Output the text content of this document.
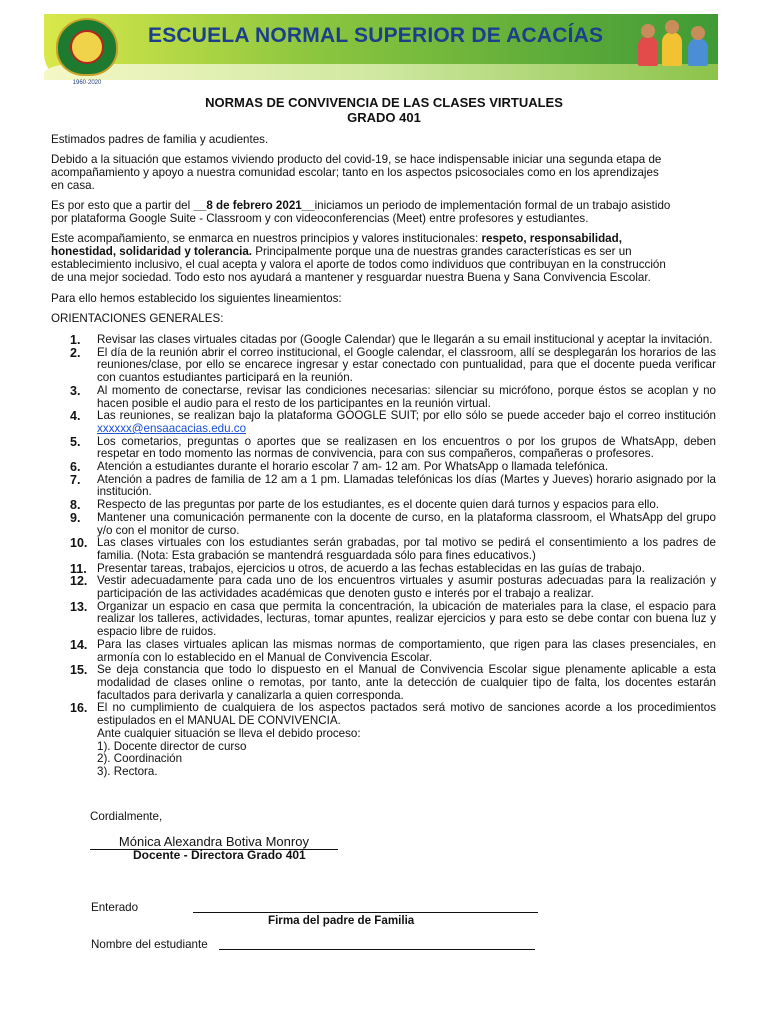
1960·2020
ESCUELA NORMAL SUPERIOR DE ACACÍAS
NORMAS DE CONVIVENCIA DE LAS CLASES VIRTUALES
GRADO 401

Estimados padres de familia y acudientes.

Debido a la situación que estamos viviendo producto del covid-19, se hace indispensable iniciar una segunda etapa de
acompañamiento y apoyo a nuestra comunidad escolar; tanto en los aspectos psicosociales como en los aprendizajes
en casa.

Es por esto que a partir del __8 de febrero 2021__iniciamos un periodo de implementación formal de un trabajo asistido
por plataforma Google Suite - Classroom y con videoconferencias (Meet) entre profesores y estudiantes.

Este acompañamiento, se enmarca en nuestros principios y valores institucionales: respeto, responsabilidad,
honestidad, solidaridad y tolerancia. Principalmente porque una de nuestras grandes características es ser un
establecimiento inclusivo, el cual acepta y valora el aporte de todos como individuos que contribuyan en la construcción
de una mejor sociedad. Todo esto nos ayudará a mantener y resguardar nuestra Buena y Sana Convivencia Escolar.

Para ello hemos establecido los siguientes lineamientos:

ORIENTACIONES GENERALES:

1. Revisar las clases virtuales citadas por (Google Calendar) que le llegarán a su email institucional y aceptar la invitación.
2. El día de la reunión abrir el correo institucional, el Google calendar, el classroom, allí se desplegarán los horarios de las reuniones/clase, por ello se encarece ingresar y estar conectado con puntualidad, para que el docente pueda verificar con cuantos estudiantes participará en la reunión.
3. Al momento de conectarse, revisar las condiciones necesarias: silenciar su micrófono, porque éstos se acoplan y no hacen posible el audio para el resto de los participantes en la reunión virtual.
4. Las reuniones, se realizan bajo la plataforma GOOGLE SUIT; por ello sólo se puede acceder bajo el correo institución xxxxxx@ensaacacias.edu.co
5. Los cometarios, preguntas o aportes que se realizasen en los encuentros o por los grupos de WhatsApp, deben respetar en todo momento las normas de convivencia, para con sus compañeros, compañeras o profesores.
6. Atención a estudiantes durante el horario escolar 7 am- 12 am. Por WhatsApp o llamada telefónica.
7. Atención a padres de familia de 12 am a 1 pm. Llamadas telefónicas los días (Martes y Jueves) horario asignado por la institución.
8. Respecto de las preguntas por parte de los estudiantes, es el docente quien dará turnos y espacios para ello.
9. Mantener una comunicación permanente con la docente de curso, en la plataforma classroom, el WhatsApp del grupo y/o con el monitor de curso.
10. Las clases virtuales con los estudiantes serán grabadas, por tal motivo se pedirá el consentimiento a los padres de familia. (Nota: Esta grabación se mantendrá resguardada sólo para fines educativos.)
11. Presentar tareas, trabajos, ejercicios u otros, de acuerdo a las fechas establecidas en las guías de trabajo.
12. Vestir adecuadamente para cada uno de los encuentros virtuales y asumir posturas adecuadas para la realización y participación de las actividades académicas que denoten gusto e interés por el trabajo a realizar.
13. Organizar un espacio en casa que permita la concentración, la ubicación de materiales para la clase, el espacio para realizar los talleres, actividades, lecturas, tomar apuntes, realizar ejercicios y para esto se debe contar con buena luz y espacio libre de ruidos.
14. Para las clases virtuales aplican las mismas normas de comportamiento, que rigen para las clases presenciales, en armonía con lo establecido en el Manual de Convivencia Escolar.
15. Se deja constancia que todo lo dispuesto en el Manual de Convivencia Escolar sigue plenamente aplicable a esta modalidad de clases online o remotas, por tanto, ante la detección de cualquier tipo de falta, los docentes estarán facultados para derivarla y canalizarla a quien corresponda.
16. El no cumplimiento de cualquiera de los aspectos pactados será motivo de sanciones acorde a los procedimientos estipulados en el MANUAL DE CONVIVENCIA.
Ante cualquier situación se lleva el debido proceso:
1). Docente director de curso
2). Coordinación
3). Rectora.
Cordialmente,
Mónica Alexandra Botiva Monroy
Docente - Directora Grado 401
Enterado
Firma del padre de Familia
Nombre del estudiante
